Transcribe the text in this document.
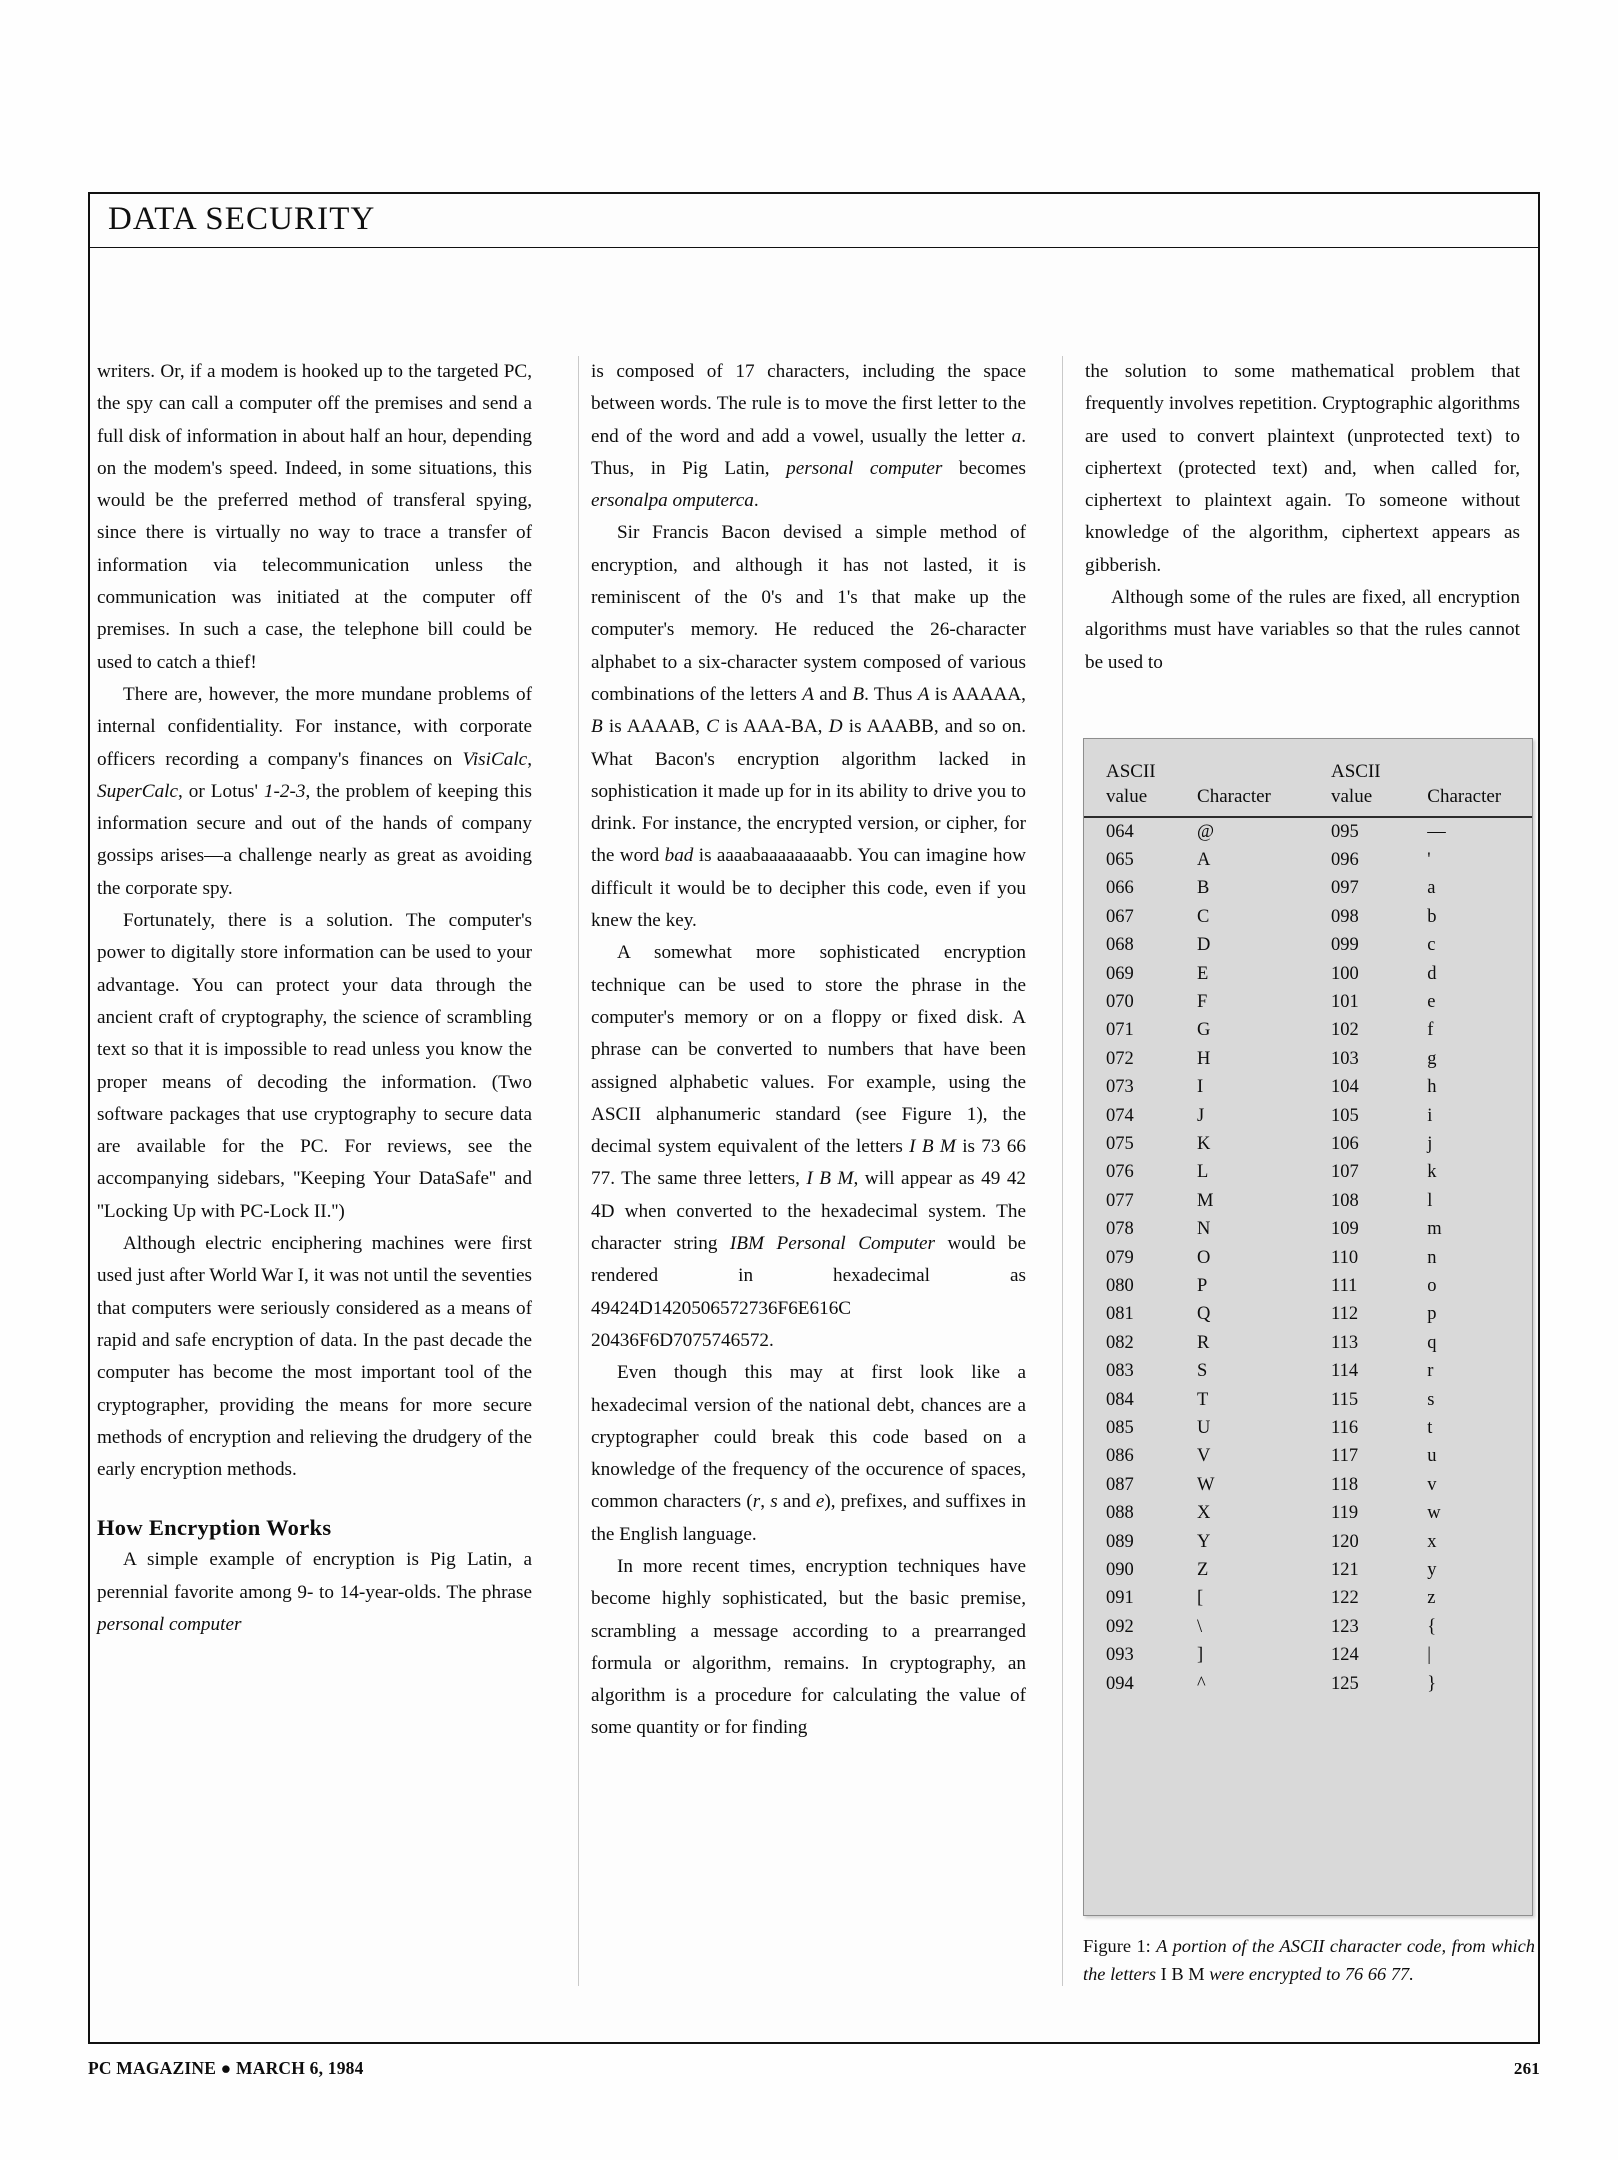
DATA SECURITY

writers. Or, if a modem is hooked up to the targeted PC, the spy can call a computer off the premises and send a full disk of information in about half an hour, depending on the modem's speed. Indeed, in some situations, this would be the preferred method of transferal spying, since there is virtually no way to trace a transfer of information via telecommunication unless the communication was initiated at the computer off premises. In such a case, the telephone bill could be used to catch a thief!

There are, however, the more mundane problems of internal confidentiality. For instance, with corporate officers recording a company's finances on VisiCalc, SuperCalc, or Lotus' 1-2-3, the problem of keeping this information secure and out of the hands of company gossips arises—a challenge nearly as great as avoiding the corporate spy.

Fortunately, there is a solution. The computer's power to digitally store information can be used to your advantage. You can protect your data through the ancient craft of cryptography, the science of scrambling text so that it is impossible to read unless you know the proper means of decoding the information. (Two software packages that use cryptography to secure data are available for the PC. For reviews, see the accompanying sidebars, ''Keeping Your DataSafe'' and ''Locking Up with PC-Lock II.'')

Although electric enciphering machines were first used just after World War I, it was not until the seventies that computers were seriously considered as a means of rapid and safe encryption of data. In the past decade the computer has become the most important tool of the cryptographer, providing the means for more secure methods of encryption and relieving the drudgery of the early encryption methods.

How Encryption Works

A simple example of encryption is Pig Latin, a perennial favorite among 9- to 14-year-olds. The phrase personal computer

is composed of 17 characters, including the space between words. The rule is to move the first letter to the end of the word and add a vowel, usually the letter a. Thus, in Pig Latin, personal computer becomes ersonalpa omputerca.

Sir Francis Bacon devised a simple method of encryption, and although it has not lasted, it is reminiscent of the 0's and 1's that make up the computer's memory. He reduced the 26-character alphabet to a six-character system composed of various combinations of the letters A and B. Thus A is AAAAA, B is AAAAB, C is AAA-BA, D is AAABB, and so on. What Bacon's encryption algorithm lacked in sophistication it made up for in its ability to drive you to drink. For instance, the encrypted version, or cipher, for the word bad is aaaabaaaaaaaabb. You can imagine how difficult it would be to decipher this code, even if you knew the key.

A somewhat more sophisticated encryption technique can be used to store the phrase in the computer's memory or on a floppy or fixed disk. A phrase can be converted to numbers that have been assigned alphabetic values. For example, using the ASCII alphanumeric standard (see Figure 1), the decimal system equivalent of the letters I B M is 73 66 77. The same three letters, I B M, will appear as 49 42 4D when converted to the hexadecimal system. The character string IBM Personal Computer would be rendered in hexadecimal as 49424D1420506572736F6E616C 20436F6D7075746572.

Even though this may at first look like a hexadecimal version of the national debt, chances are a cryptographer could break this code based on a knowledge of the frequency of the occurence of spaces, common characters (r, s and e), prefixes, and suffixes in the English language.

In more recent times, encryption techniques have become highly sophisticated, but the basic premise, scrambling a message according to a prearranged formula or algorithm, remains. In cryptography, an algorithm is a procedure for calculating the value of some quantity or for finding

the solution to some mathematical problem that frequently involves repetition. Cryptographic algorithms are used to convert plaintext (unprotected text) to ciphertext (protected text) and, when called for, ciphertext to plaintext again. To someone without knowledge of the algorithm, ciphertext appears as gibberish.

Although some of the rules are fixed, all encryption algorithms must have variables so that the rules cannot be used to

ASCII
value	Character	ASCII
value	Character

064	@	095	—
065	A	096	'
066	B	097	a
067	C	098	b
068	D	099	c
069	E	100	d
070	F	101	e
071	G	102	f
072	H	103	g
073	I	104	h
074	J	105	i
075	K	106	j
076	L	107	k
077	M	108	l
078	N	109	m
079	O	110	n
080	P	111	o
081	Q	112	p
082	R	113	q
083	S	114	r
084	T	115	s
085	U	116	t
086	V	117	u
087	W	118	v
088	X	119	w
089	Y	120	x
090	Z	121	y
091	[	122	z
092	\	123	{
093	]	124	|
094	^	125	}
Figure 1: A portion of the ASCII character code, from which the letters I B M were encrypted to 76 66 77.
PC MAGAZINE ● MARCH 6, 1984	261
